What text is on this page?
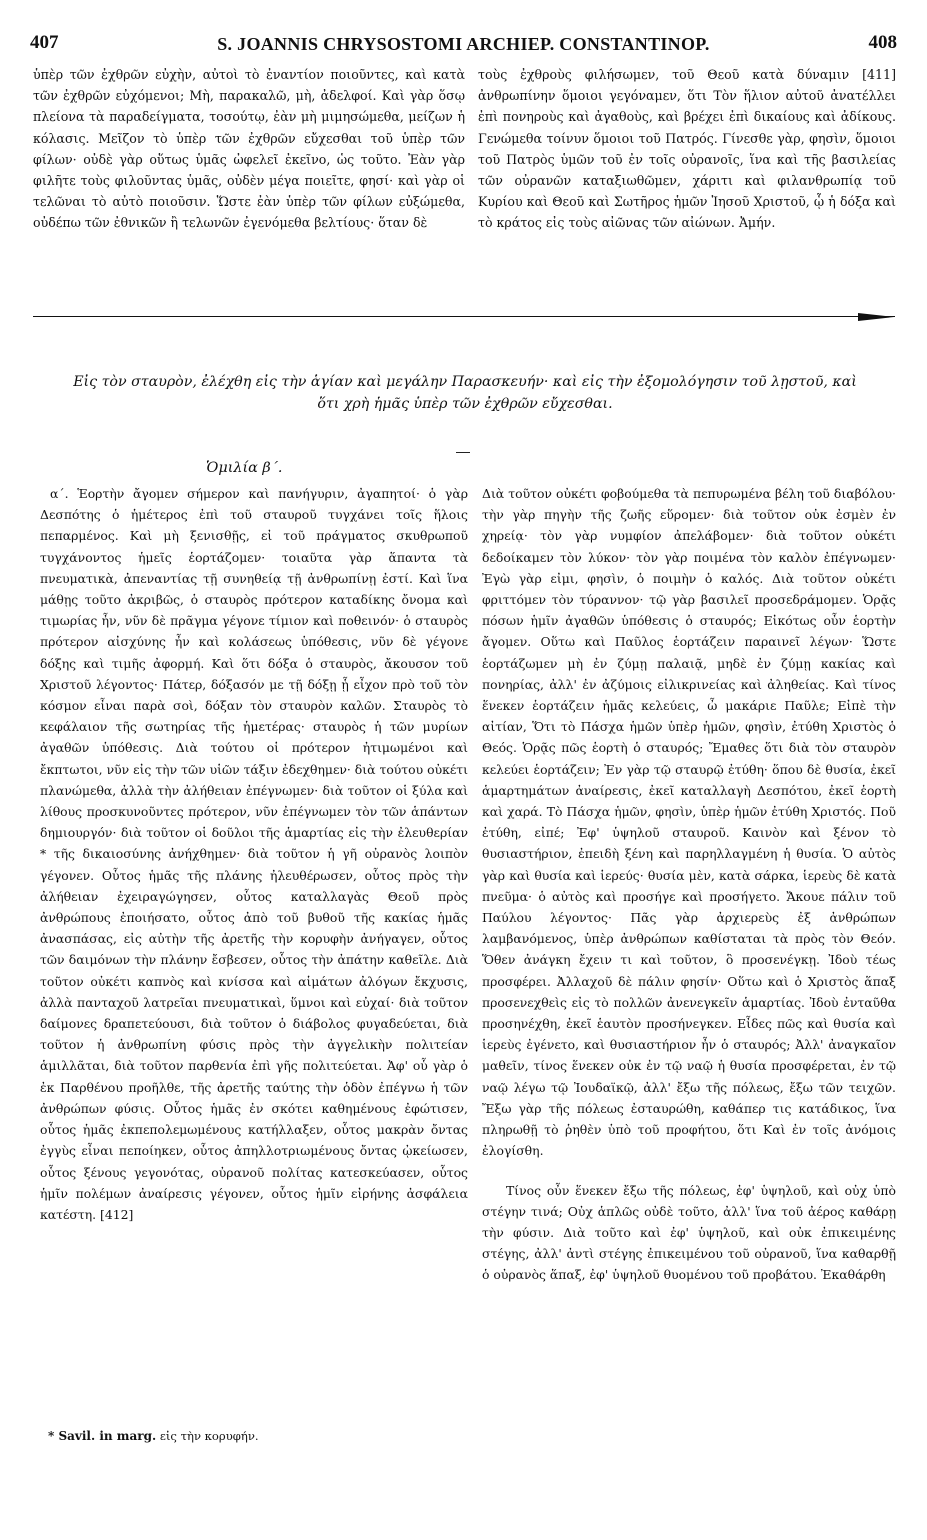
407	S. JOANNIS CHRYSOSTOMI ARCHIEP. CONSTANTINOP.	408

ὑπὲρ τῶν ἐχθρῶν εὐχὴν, αὐτοὶ τὸ ἐναντίον ποιοῦντες, καὶ κατὰ τῶν ἐχθρῶν εὐχόμενοι; Μὴ, παρακαλῶ, μὴ, ἀδελφοί. Καὶ γὰρ ὅσῳ πλείονα τὰ παραδείγματα, τοσούτῳ, ἐὰν μὴ μιμησώμεθα, μείζων ἡ κόλασις. Μεῖζον τὸ ὑπὲρ τῶν ἐχθρῶν εὔχεσθαι τοῦ ὑπὲρ τῶν φίλων· οὐδὲ γὰρ οὕτως ὑμᾶς ὠφελεῖ ἐκεῖνο, ὡς τοῦτο. Ἐὰν γὰρ φιλῆτε τοὺς φιλοῦντας ὑμᾶς, οὐδὲν μέγα ποιεῖτε, φησί· καὶ γὰρ οἱ τελῶναι τὸ αὐτὸ ποιοῦσιν. Ὥστε ἐὰν ὑπὲρ τῶν φίλων εὐξώμεθα, οὐδέπω τῶν ἐθνικῶν ἢ τελωνῶν ἐγενόμεθα βελτίους· ὅταν δὲ

τοὺς ἐχθροὺς φιλήσωμεν, τοῦ Θεοῦ κατὰ δύναμιν [411] ἀνθρωπίνην ὅμοιοι γεγόναμεν, ὅτι Τὸν ἥλιον αὐτοῦ ἀνατέλλει ἐπὶ πονηροὺς καὶ ἀγαθοὺς, καὶ βρέχει ἐπὶ δικαίους καὶ ἀδίκους. Γενώμεθα τοίνυν ὅμοιοι τοῦ Πατρός. Γίνεσθε γὰρ, φησὶν, ὅμοιοι τοῦ Πατρὸς ὑμῶν τοῦ ἐν τοῖς οὐρανοῖς, ἵνα καὶ τῆς βασιλείας τῶν οὐρανῶν καταξιωθῶμεν, χάριτι καὶ φιλανθρωπίᾳ τοῦ Κυρίου καὶ Θεοῦ καὶ Σωτῆρος ἡμῶν Ἰησοῦ Χριστοῦ, ᾧ ἡ δόξα καὶ τὸ κράτος εἰς τοὺς αἰῶνας τῶν αἰώνων. Ἀμήν.

Εἰς τὸν σταυρὸν, ἐλέχθη εἰς τὴν ἁγίαν καὶ μεγάλην Παρασκευήν· καὶ εἰς τὴν ἐξομολόγησιν τοῦ λῃστοῦ, καὶ ὅτι χρὴ ἡμᾶς ὑπὲρ τῶν ἐχθρῶν εὔχεσθαι.
Ὁμιλία β´.

α´. Ἑορτὴν ἄγομεν σήμερον καὶ πανήγυριν, ἀγαπητοί· ὁ γὰρ Δεσπότης ὁ ἡμέτερος ἐπὶ τοῦ σταυροῦ τυγχάνει τοῖς ἥλοις πεπαρμένος. Καὶ μὴ ξενισθῇς, εἰ τοῦ πράγματος σκυθρωποῦ τυγχάνοντος ἡμεῖς ἑορτάζομεν· τοιαῦτα γὰρ ἅπαντα τὰ πνευματικὰ, ἀπεναντίας τῇ συνηθείᾳ τῇ ἀνθρωπίνῃ ἐστί. Καὶ ἵνα μάθῃς τοῦτο ἀκριβῶς, ὁ σταυρὸς πρότερον καταδίκης ὄνομα καὶ τιμωρίας ἦν, νῦν δὲ πρᾶγμα γέγονε τίμιον καὶ ποθεινόν· ὁ σταυρὸς πρότερον αἰσχύνης ἦν καὶ κολάσεως ὑπόθεσις, νῦν δὲ γέγονε δόξης καὶ τιμῆς ἀφορμή. Καὶ ὅτι δόξα ὁ σταυρὸς, ἄκουσον τοῦ Χριστοῦ λέγοντος· Πάτερ, δόξασόν με τῇ δόξῃ ᾗ εἶχον πρὸ τοῦ τὸν κόσμον εἶναι παρὰ σοὶ, δόξαν τὸν σταυρὸν καλῶν. Σταυρὸς τὸ κεφάλαιον τῆς σωτηρίας τῆς ἡμετέρας· σταυρὸς ἡ τῶν μυρίων ἀγαθῶν ὑπόθεσις. Διὰ τούτου οἱ πρότερον ἠτιμωμένοι καὶ ἔκπτωτοι, νῦν εἰς τὴν τῶν υἱῶν τάξιν ἐδεχθημεν· διὰ τούτου οὐκέτι πλανώμεθα, ἀλλὰ τὴν ἀλήθειαν ἐπέγνωμεν· διὰ τοῦτον οἱ ξύλα καὶ λίθους προσκυνοῦντες πρότερον, νῦν ἐπέγνωμεν τὸν τῶν ἁπάντων δημιουργόν· διὰ τοῦτον οἱ δοῦλοι τῆς ἁμαρτίας εἰς τὴν ἐλευθερίαν * τῆς δικαιοσύνης ἀνήχθημεν· διὰ τοῦτον ἡ γῆ οὐρανὸς λοιπὸν γέγονεν. Οὗτος ἡμᾶς τῆς πλάνης ἠλευθέρωσεν, οὗτος πρὸς τὴν ἀλήθειαν ἐχειραγώγησεν, οὗτος καταλλαγὰς Θεοῦ πρὸς ἀνθρώπους ἐποιήσατο, οὗτος ἀπὸ τοῦ βυθοῦ τῆς κακίας ἡμᾶς ἀνασπάσας, εἰς αὐτὴν τῆς ἀρετῆς τὴν κορυφὴν ἀνήγαγεν, οὗτος τῶν δαιμόνων τὴν πλάνην ἔσβεσεν, οὗτος τὴν ἀπάτην καθεῖλε. Διὰ τοῦτον οὐκέτι καπνὸς καὶ κνίσσα καὶ αἱμάτων ἀλόγων ἔκχυσις, ἀλλὰ πανταχοῦ λατρεῖαι πνευματικαὶ, ὕμνοι καὶ εὐχαί· διὰ τοῦτον δαίμονες δραπετεύουσι, διὰ τοῦτον ὁ διάβολος φυγαδεύεται, διὰ τοῦτον ἡ ἀνθρωπίνη φύσις πρὸς τὴν ἀγγελικὴν πολιτείαν ἁμιλλᾶται, διὰ τοῦτον παρθενία ἐπὶ γῆς πολιτεύεται. Ἀφ' οὗ γὰρ ὁ ἐκ Παρθένου προῆλθε, τῆς ἀρετῆς ταύτης τὴν ὁδὸν ἐπέγνω ἡ τῶν ἀνθρώπων φύσις. Οὗτος ἡμᾶς ἐν σκότει καθημένους ἐφώτισεν, οὗτος ἡμᾶς ἐκπεπολεμωμένους κατήλλαξεν, οὗτος μακρὰν ὄντας ἐγγὺς εἶναι πεποίηκεν, οὗτος ἀπηλλοτριωμένους ὄντας ᾠκείωσεν, οὗτος ξένους γεγονότας, οὐρανοῦ πολίτας κατεσκεύασεν, οὗτος ἡμῖν πολέμων ἀναίρεσις γέγονεν, οὗτος ἡμῖν εἰρήνης ἀσφάλεια κατέστη. [412]

Διὰ τοῦτον οὐκέτι φοβούμεθα τὰ πεπυρωμένα βέλη τοῦ διαβόλου· τὴν γὰρ πηγὴν τῆς ζωῆς εὕρομεν· διὰ τοῦτον οὐκ ἐσμὲν ἐν χηρείᾳ· τὸν γὰρ νυμφίον ἀπελάβομεν· διὰ τοῦτον οὐκέτι δεδοίκαμεν τὸν λύκον· τὸν γὰρ ποιμένα τὸν καλὸν ἐπέγνωμεν· Ἐγὼ γὰρ εἰμι, φησὶν, ὁ ποιμὴν ὁ καλός. Διὰ τοῦτον οὐκέτι φριττόμεν τὸν τύραννον· τῷ γὰρ βασιλεῖ προσεδράμομεν. Ὁρᾷς πόσων ἡμῖν ἀγαθῶν ὑπόθεσις ὁ σταυρός; Εἰκότως οὖν ἑορτὴν ἄγομεν. Οὕτω καὶ Παῦλος ἑορτάζειν παραινεῖ λέγων· Ὥστε ἑορτάζωμεν μὴ ἐν ζύμῃ παλαιᾷ, μηδὲ ἐν ζύμῃ κακίας καὶ πονηρίας, ἀλλ' ἐν ἀζύμοις εἰλικρινείας καὶ ἀληθείας. Καὶ τίνος ἕνεκεν ἑορτάζειν ἡμᾶς κελεύεις, ὦ μακάριε Παῦλε; Εἰπὲ τὴν αἰτίαν, Ὅτι τὸ Πάσχα ἡμῶν ὑπὲρ ἡμῶν, φησὶν, ἐτύθη Χριστὸς ὁ Θεός. Ὁρᾷς πῶς ἑορτὴ ὁ σταυρός; Ἔμαθες ὅτι διὰ τὸν σταυρὸν κελεύει ἑορτάζειν; Ἐν γὰρ τῷ σταυρῷ ἐτύθη· ὅπου δὲ θυσία, ἐκεῖ ἁμαρτημάτων ἀναίρεσις, ἐκεῖ καταλλαγὴ Δεσπότου, ἐκεῖ ἑορτὴ καὶ χαρά. Τὸ Πάσχα ἡμῶν, φησὶν, ὑπὲρ ἡμῶν ἐτύθη Χριστός. Ποῦ ἐτύθη, εἰπέ; Ἐφ' ὑψηλοῦ σταυροῦ. Καινὸν καὶ ξένον τὸ θυσιαστήριον, ἐπειδὴ ξένη καὶ παρηλλαγμένη ἡ θυσία. Ὁ αὐτὸς γὰρ καὶ θυσία καὶ ἱερεύς· θυσία μὲν, κατὰ σάρκα, ἱερεὺς δὲ κατὰ πνεῦμα· ὁ αὐτὸς καὶ προσήγε καὶ προσήγετο. Ἄκουε πάλιν τοῦ Παύλου λέγοντος· Πᾶς γὰρ ἀρχιερεὺς ἐξ ἀνθρώπων λαμβανόμενος, ὑπὲρ ἀνθρώπων καθίσταται τὰ πρὸς τὸν Θεόν. Ὅθεν ἀνάγκη ἔχειν τι καὶ τοῦτον, ὃ προσενέγκῃ. Ἰδοὺ τέως προσφέρει. Ἀλλαχοῦ δὲ πάλιν φησίν· Οὕτω καὶ ὁ Χριστὸς ἅπαξ προσενεχθεὶς εἰς τὸ πολλῶν ἀνενεγκεῖν ἁμαρτίας. Ἰδοὺ ἐνταῦθα προσηνέχθη, ἐκεῖ ἑαυτὸν προσήνεγκεν. Εἶδες πῶς καὶ θυσία καὶ ἱερεὺς ἐγένετο, καὶ θυσιαστήριον ἦν ὁ σταυρός; Ἀλλ' ἀναγκαῖον μαθεῖν, τίνος ἕνεκεν οὐκ ἐν τῷ ναῷ ἡ θυσία προσφέρεται, ἐν τῷ ναῷ λέγω τῷ Ἰουδαϊκῷ, ἀλλ' ἔξω τῆς πόλεως, ἔξω τῶν τειχῶν. Ἔξω γὰρ τῆς πόλεως ἐσταυρώθη, καθάπερ τις κατάδικος, ἵνα πληρωθῇ τὸ ῥηθὲν ὑπὸ τοῦ προφήτου, ὅτι Καὶ ἐν τοῖς ἀνόμοις ἐλογίσθη.

Τίνος οὖν ἕνεκεν ἔξω τῆς πόλεως, ἐφ' ὑψηλοῦ, καὶ οὐχ ὑπὸ στέγην τινά; Οὐχ ἁπλῶς οὐδὲ τοῦτο, ἀλλ' ἵνα τοῦ ἀέρος καθάρῃ τὴν φύσιν. Διὰ τοῦτο καὶ ἐφ' ὑψηλοῦ, καὶ οὐκ ἐπικειμένης στέγης, ἀλλ' ἀντὶ στέγης ἐπικειμένου τοῦ οὐρανοῦ, ἵνα καθαρθῇ ὁ οὐρανὸς ἅπαξ, ἐφ' ὑψηλοῦ θυομένου τοῦ προβάτου. Ἐκαθάρθη

* Savil. in marg. εἰς τὴν κορυφήν.
